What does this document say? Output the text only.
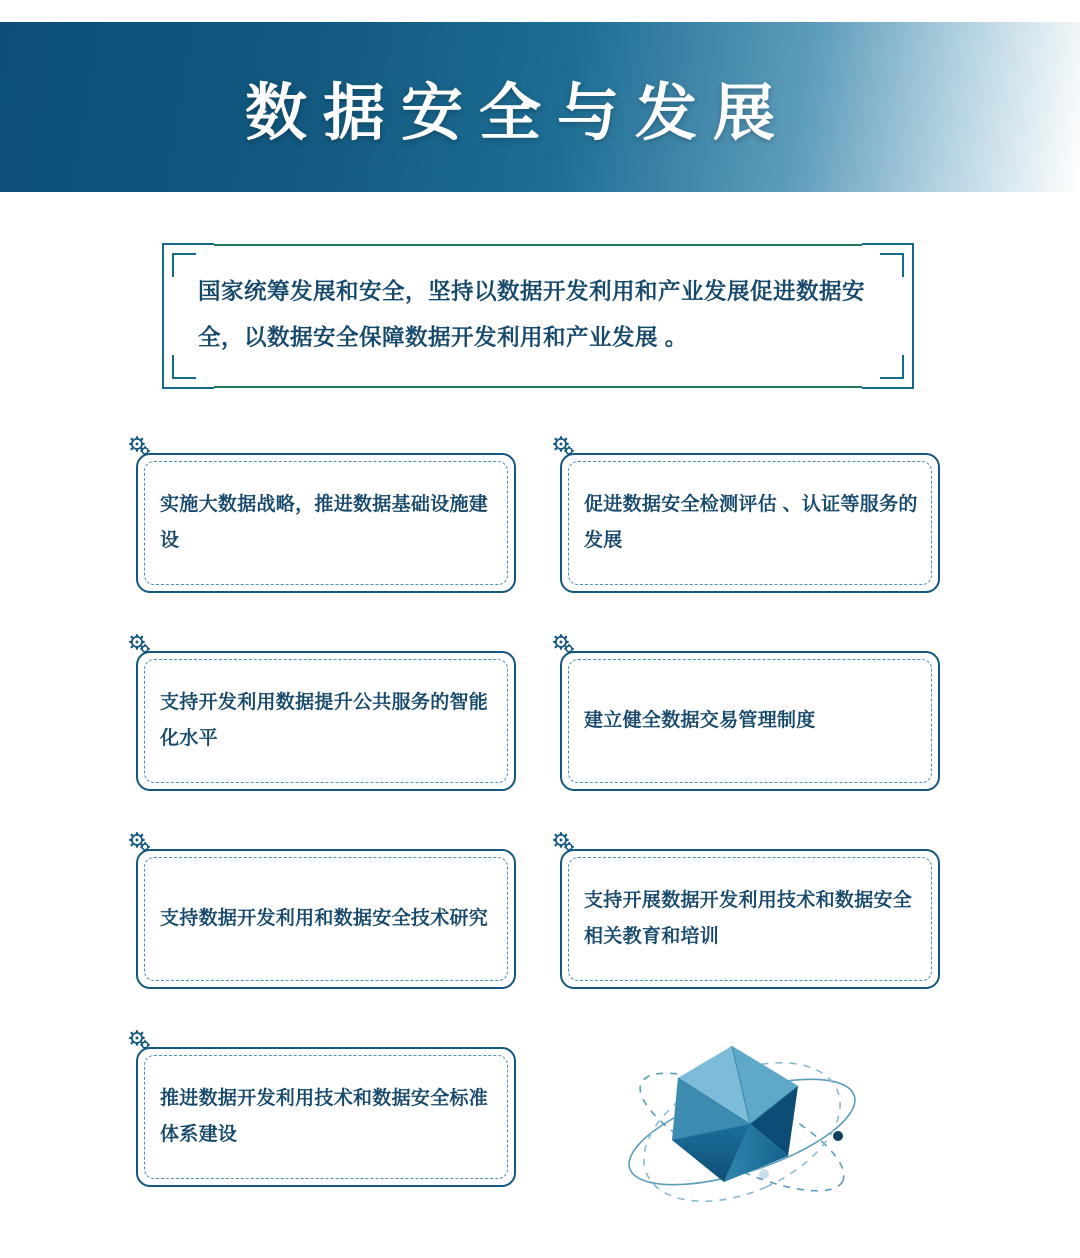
数据安全与发展
国家统筹发展和安全，坚持以数据开发利用和产业发展促进数据安全，以数据安全保障数据开发利用和产业发展 。
实施大数据战略，推进数据基础设施建设
促进数据安全检测评估 、认证等服务的发展
支持开发利用数据提升公共服务的智能化水平
建立健全数据交易管理制度
支持数据开发利用和数据安全技术研究
支持开展数据开发利用技术和数据安全相关教育和培训
推进数据开发利用技术和数据安全标准体系建设
